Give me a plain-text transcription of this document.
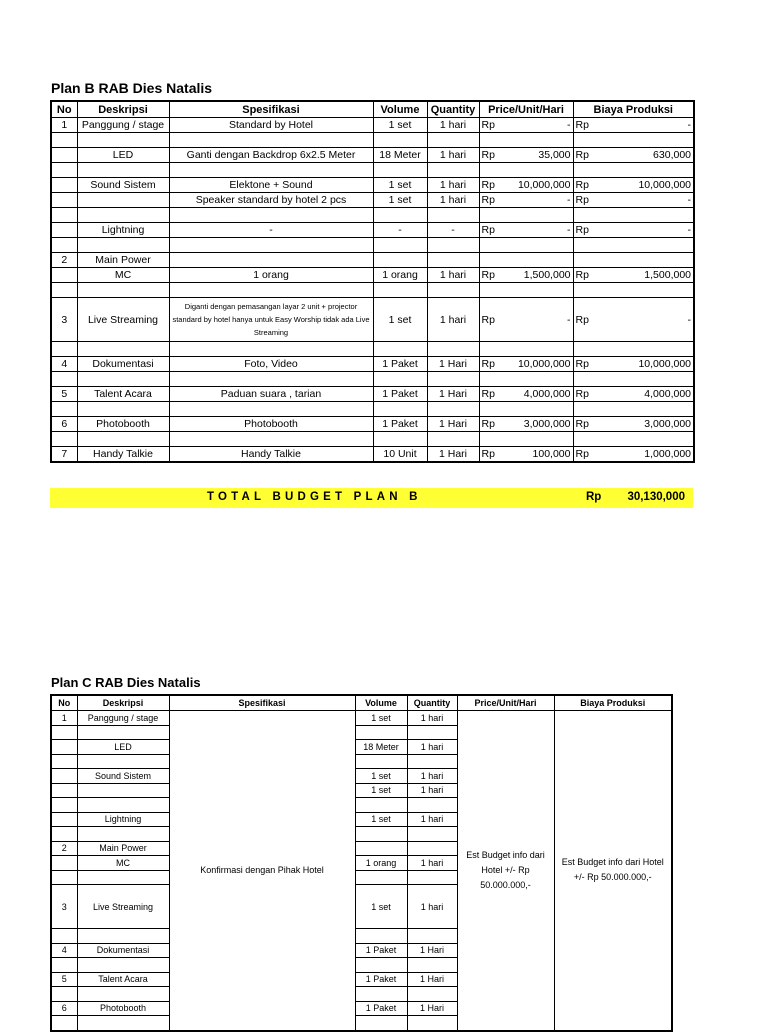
Plan B RAB Dies Natalis
No	Deskripsi	Spesifikasi	Volume	Quantity	Price/Unit/Hari		Biaya Produksi	
1	Panggung / stage	Standard by Hotel	1 set	1 hari	Rp	-	Rp	-

	LED	Ganti dengan Backdrop 6x2.5 Meter	18 Meter	1 hari	Rp	35,000	Rp	630,000

	Sound Sistem	Elektone + Sound	1 set	1 hari	Rp	10,000,000	Rp	10,000,000
		Speaker standard by hotel 2 pcs	1 set	1 hari	Rp	-	Rp	-

	Lightning	-	-	-	Rp	-	Rp	-

2	Main Power							
	MC	1 orang	1 orang	1 hari	Rp	1,500,000	Rp	1,500,000

3	Live Streaming	Diganti dengan pemasangan layar 2 unit + projector standard by hotel hanya untuk Easy Worship tidak ada Live Streaming	1 set	1 hari	Rp	-	Rp	-

4	Dokumentasi	Foto, Video	1 Paket	1 Hari	Rp	10,000,000	Rp	10,000,000

5	Talent Acara	Paduan suara , tarian	1 Paket	1 Hari	Rp	4,000,000	Rp	4,000,000

6	Photobooth	Photobooth	1 Paket	1 Hari	Rp	3,000,000	Rp	3,000,000

7	Handy Talkie	Handy Talkie	10 Unit	1 Hari	Rp	100,000	Rp	1,000,000
TOTAL BUDGET PLAN B	Rp 30,130,000
Plan C RAB Dies Natalis
No	Deskripsi	Spesifikasi	Volume	Quantity	Price/Unit/Hari	Biaya Produksi
1	Panggung / stage	Konfirmasi dengan Pihak Hotel	1 set	1 hari	Est Budget info dari Hotel +/- Rp 50.000.000,-	Est Budget info dari Hotel +/- Rp 50.000.000,-

	LED		18 Meter	1 hari		

	Sound Sistem		1 set	1 hari		
			1 set	1 hari		

	Lightning		1 set	1 hari		

2	Main Power					
	MC		1 orang	1 hari		

3	Live Streaming		1 set	1 hari		

4	Dokumentasi		1 Paket	1 Hari		

5	Talent Acara		1 Paket	1 Hari		

6	Photobooth		1 Paket	1 Hari		
